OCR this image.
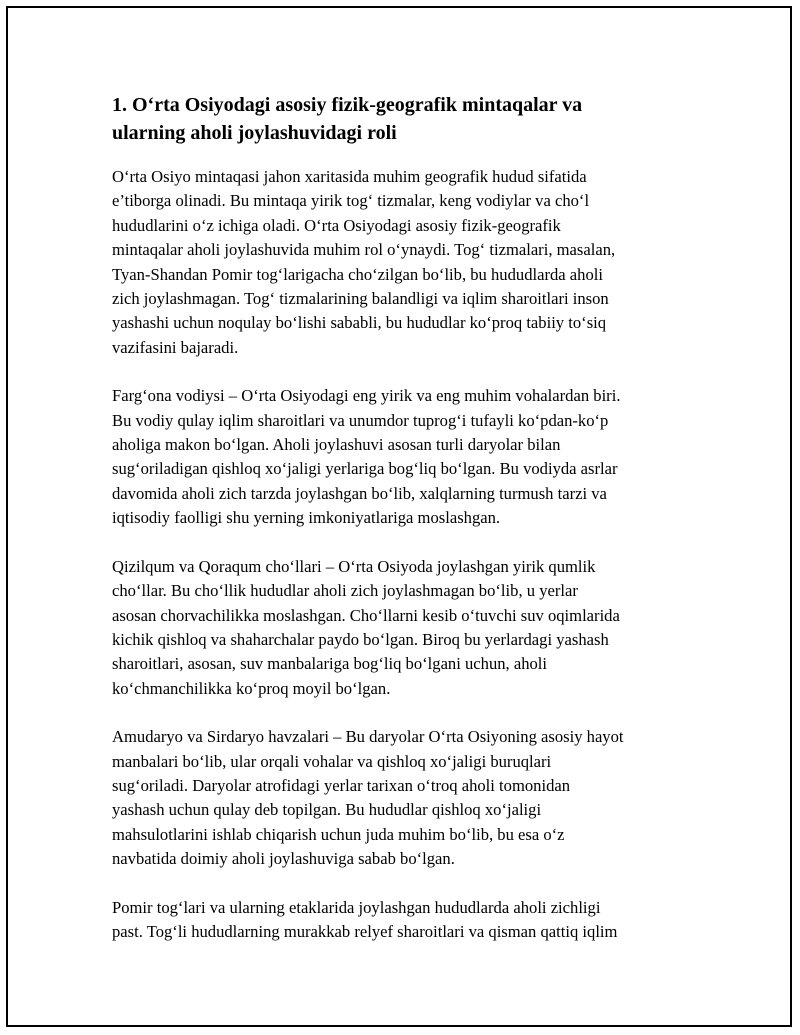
1. O‘rta Osiyodagi asosiy fizik-geografik mintaqalar va
ularning aholi joylashuvidagi roli

O‘rta Osiyo mintaqasi jahon xaritasida muhim geografik hudud sifatida
e’tiborga olinadi. Bu mintaqa yirik tog‘ tizmalar, keng vodiylar va cho‘l
hududlarini o‘z ichiga oladi. O‘rta Osiyodagi asosiy fizik-geografik
mintaqalar aholi joylashuvida muhim rol o‘ynaydi. Tog‘ tizmalari, masalan,
Tyan-Shandan Pomir tog‘larigacha cho‘zilgan bo‘lib, bu hududlarda aholi
zich joylashmagan. Tog‘ tizmalarining balandligi va iqlim sharoitlari inson
yashashi uchun noqulay bo‘lishi sababli, bu hududlar ko‘proq tabiiy to‘siq
vazifasini bajaradi.

Farg‘ona vodiysi – O‘rta Osiyodagi eng yirik va eng muhim vohalardan biri.
Bu vodiy qulay iqlim sharoitlari va unumdor tuprog‘i tufayli ko‘pdan-ko‘p
aholiga makon bo‘lgan. Aholi joylashuvi asosan turli daryolar bilan
sug‘oriladigan qishloq xo‘jaligi yerlariga bog‘liq bo‘lgan. Bu vodiyda asrlar
davomida aholi zich tarzda joylashgan bo‘lib, xalqlarning turmush tarzi va
iqtisodiy faolligi shu yerning imkoniyatlariga moslashgan.

Qizilqum va Qoraqum cho‘llari – O‘rta Osiyoda joylashgan yirik qumlik
cho‘llar. Bu cho‘llik hududlar aholi zich joylashmagan bo‘lib, u yerlar
asosan chorvachilikka moslashgan. Cho‘llarni kesib o‘tuvchi suv oqimlarida
kichik qishloq va shaharchalar paydo bo‘lgan. Biroq bu yerlardagi yashash
sharoitlari, asosan, suv manbalariga bog‘liq bo‘lgani uchun, aholi
ko‘chmanchilikka ko‘proq moyil bo‘lgan.

Amudaryo va Sirdaryo havzalari – Bu daryolar O‘rta Osiyoning asosiy hayot
manbalari bo‘lib, ular orqali vohalar va qishloq xo‘jaligi buruqlari
sug‘oriladi. Daryolar atrofidagi yerlar tarixan o‘troq aholi tomonidan
yashash uchun qulay deb topilgan. Bu hududlar qishloq xo‘jaligi
mahsulotlarini ishlab chiqarish uchun juda muhim bo‘lib, bu esa o‘z
navbatida doimiy aholi joylashuviga sabab bo‘lgan.

Pomir tog‘lari va ularning etaklarida joylashgan hududlarda aholi zichligi
past. Tog‘li hududlarning murakkab relyef sharoitlari va qisman qattiq iqlim
